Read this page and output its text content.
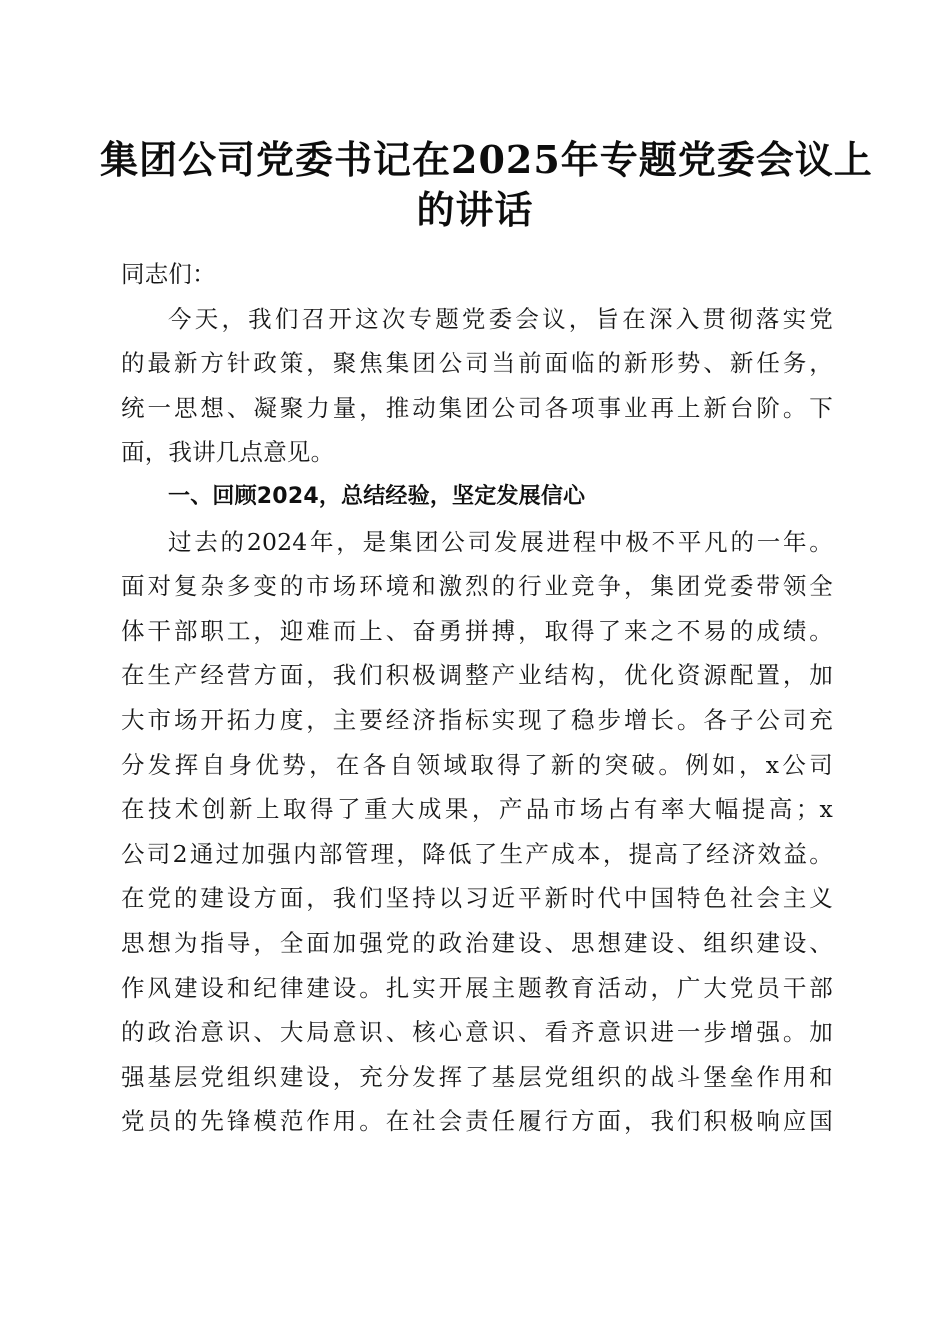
集团公司党委书记在2025年专题党委会议上
的讲话
同志们：
今天，我们召开这次专题党委会议，旨在深入贯彻落实党
的最新方针政策，聚焦集团公司当前面临的新形势、新任务，
统一思想、凝聚力量，推动集团公司各项事业再上新台阶。下
面，我讲几点意见。
一、回顾2024，总结经验，坚定发展信心
过去的2024年，是集团公司发展进程中极不平凡的一年。
面对复杂多变的市场环境和激烈的行业竞争，集团党委带领全
体干部职工，迎难而上、奋勇拼搏，取得了来之不易的成绩。
在生产经营方面，我们积极调整产业结构，优化资源配置，加
大市场开拓力度，主要经济指标实现了稳步增长。各子公司充
分发挥自身优势，在各自领域取得了新的突破。例如，x公司
在技术创新上取得了重大成果，产品市场占有率大幅提高；x
公司2通过加强内部管理，降低了生产成本，提高了经济效益。
在党的建设方面，我们坚持以习近平新时代中国特色社会主义
思想为指导，全面加强党的政治建设、思想建设、组织建设、
作风建设和纪律建设。扎实开展主题教育活动，广大党员干部
的政治意识、大局意识、核心意识、看齐意识进一步增强。加
强基层党组织建设，充分发挥了基层党组织的战斗堡垒作用和
党员的先锋模范作用。在社会责任履行方面，我们积极响应国
